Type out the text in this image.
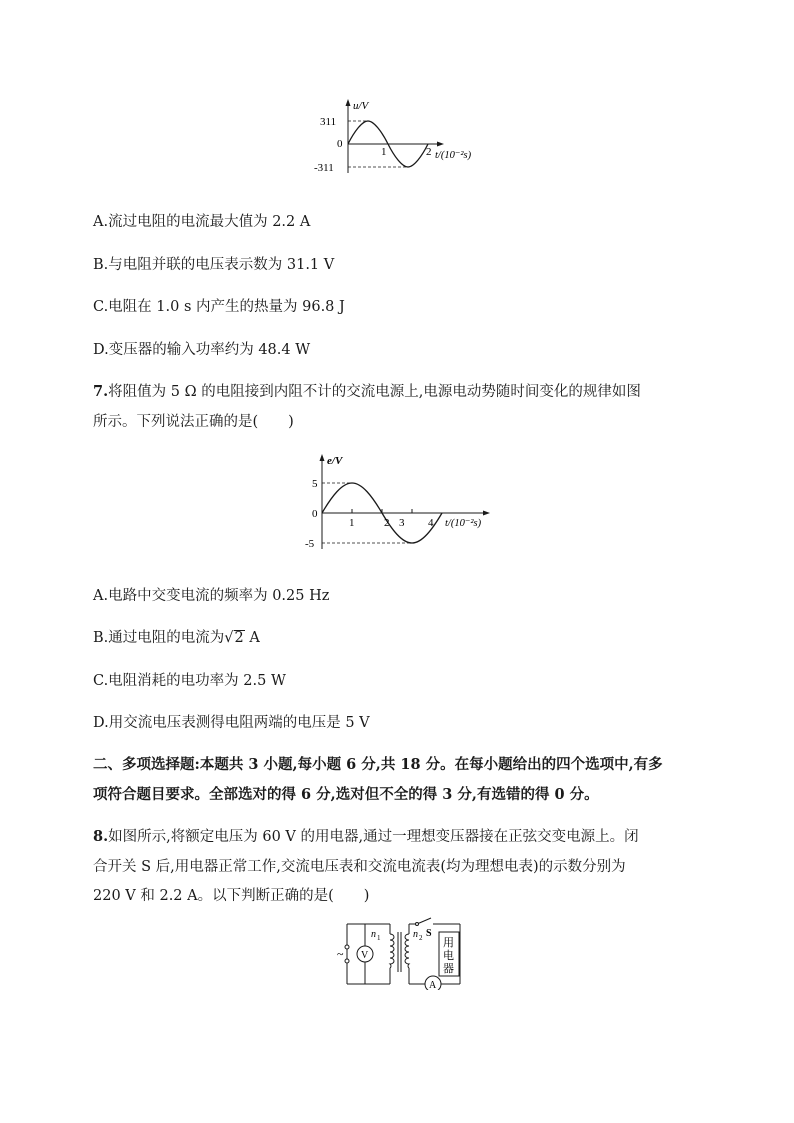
u/V
311
0
-311
1	2 t/(10⁻²s)
A.流过电阻的电流最大值为 2.2 A
B.与电阻并联的电压表示数为 31.1 V
C.电阻在 1.0 s 内产生的热量为 96.8 J
D.变压器的输入功率约为 48.4 W
7.将阻值为 5 Ω 的电阻接到内阻不计的交流电源上,电源电动势随时间变化的规律如图
所示。下列说法正确的是( )
e/V
5
0
-5
1	2 3 4 t/(10⁻²s)
A.电路中交变电流的频率为 0.25 Hz
B.通过电阻的电流为√2 A
C.电阻消耗的电功率为 2.5 W
D.用交流电压表测得电阻两端的电压是 5 V
二、多项选择题:本题共 3 小题,每小题 6 分,共 18 分。在每小题给出的四个选项中,有多
项符合题目要求。全部选对的得 6 分,选对但不全的得 3 分,有选错的得 0 分。
8.如图所示,将额定电压为 60 V 的用电器,通过一理想变压器接在正弦交变电源上。闭
合开关 S 后,用电器正常工作,交流电压表和交流电流表(均为理想电表)的示数分别为
220 V 和 2.2 A。以下判断正确的是( )
~ V
A
用
电
器
n 1	n 2 S
